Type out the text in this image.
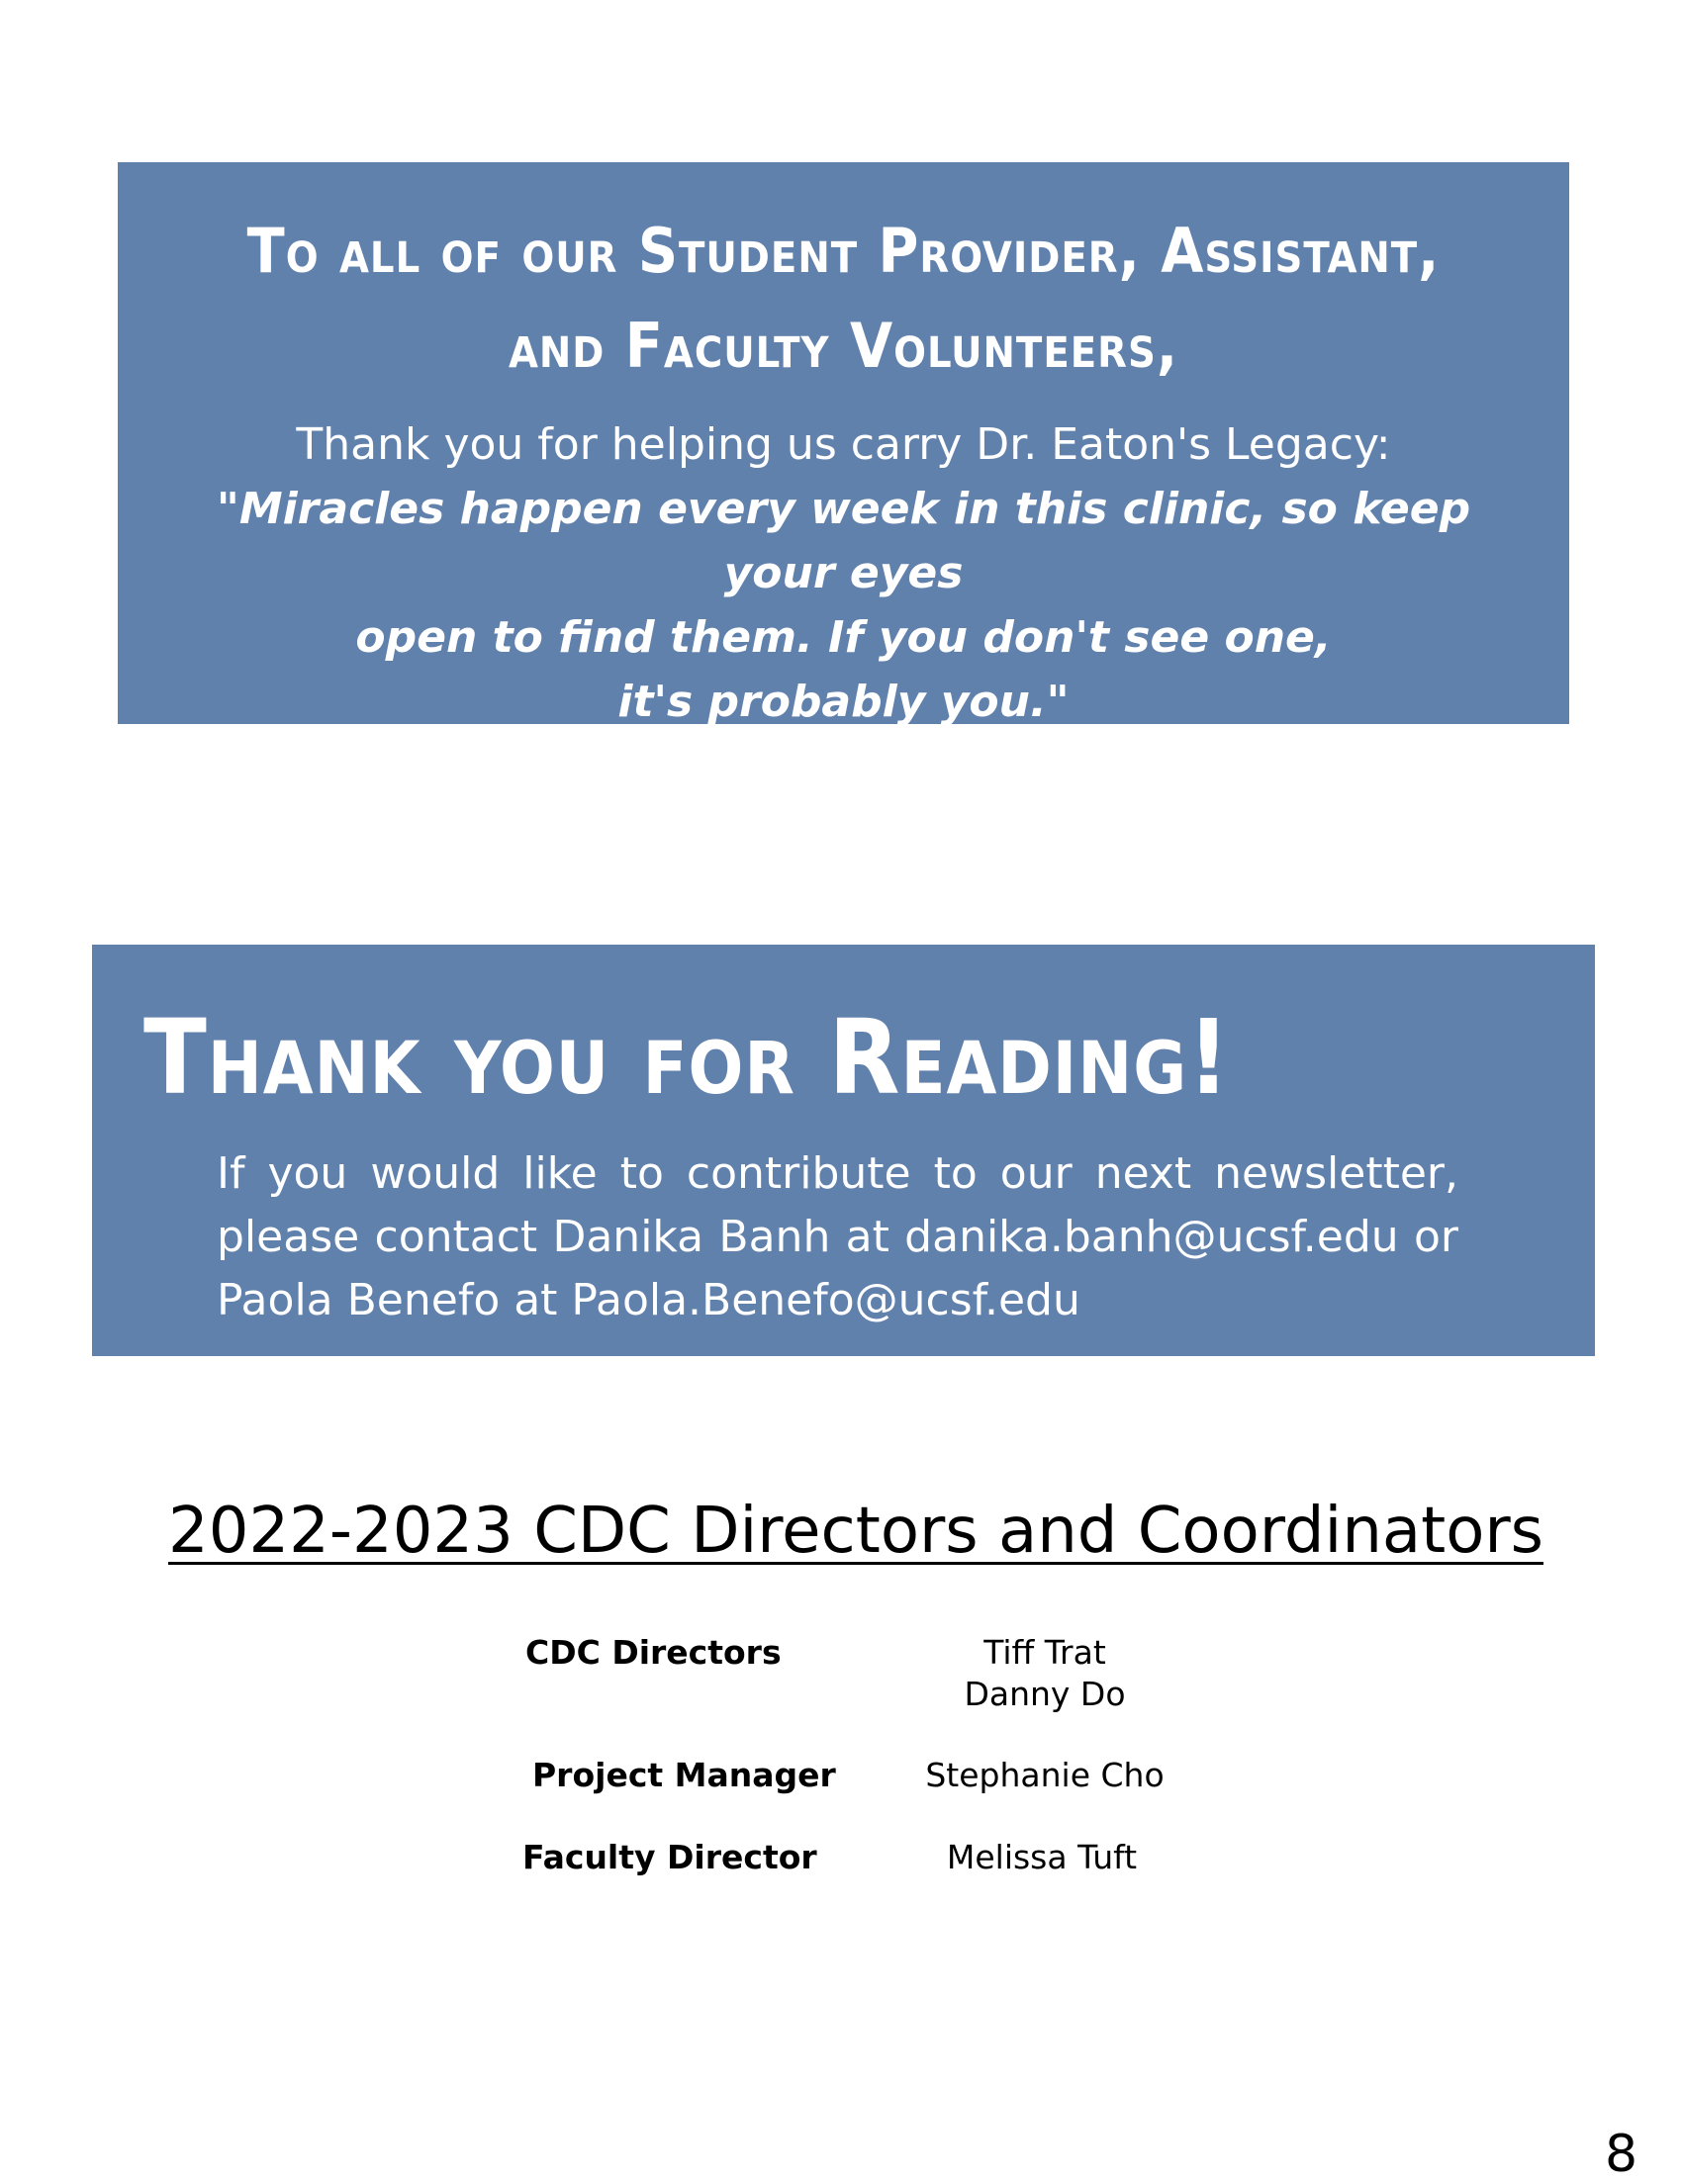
To all of our Student Provider, Assistant,
and Faculty Volunteers,
Thank you for helping us carry Dr. Eaton's Legacy:
"Miracles happen every week in this clinic, so keep your eyes
open to find them. If you don't see one,
it's probably you."
Thank you for Reading!
If you would like to contribute to our next newsletter, please contact Danika Banh at danika.banh@ucsf.edu or Paola Benefo at Paola.Benefo@ucsf.edu
2022-2023 CDC Directors and Coordinators
CDC Directors	Tiff Trat
Danny Do
Project Manager	Stephanie Cho
Faculty Director	Melissa Tuft
8
